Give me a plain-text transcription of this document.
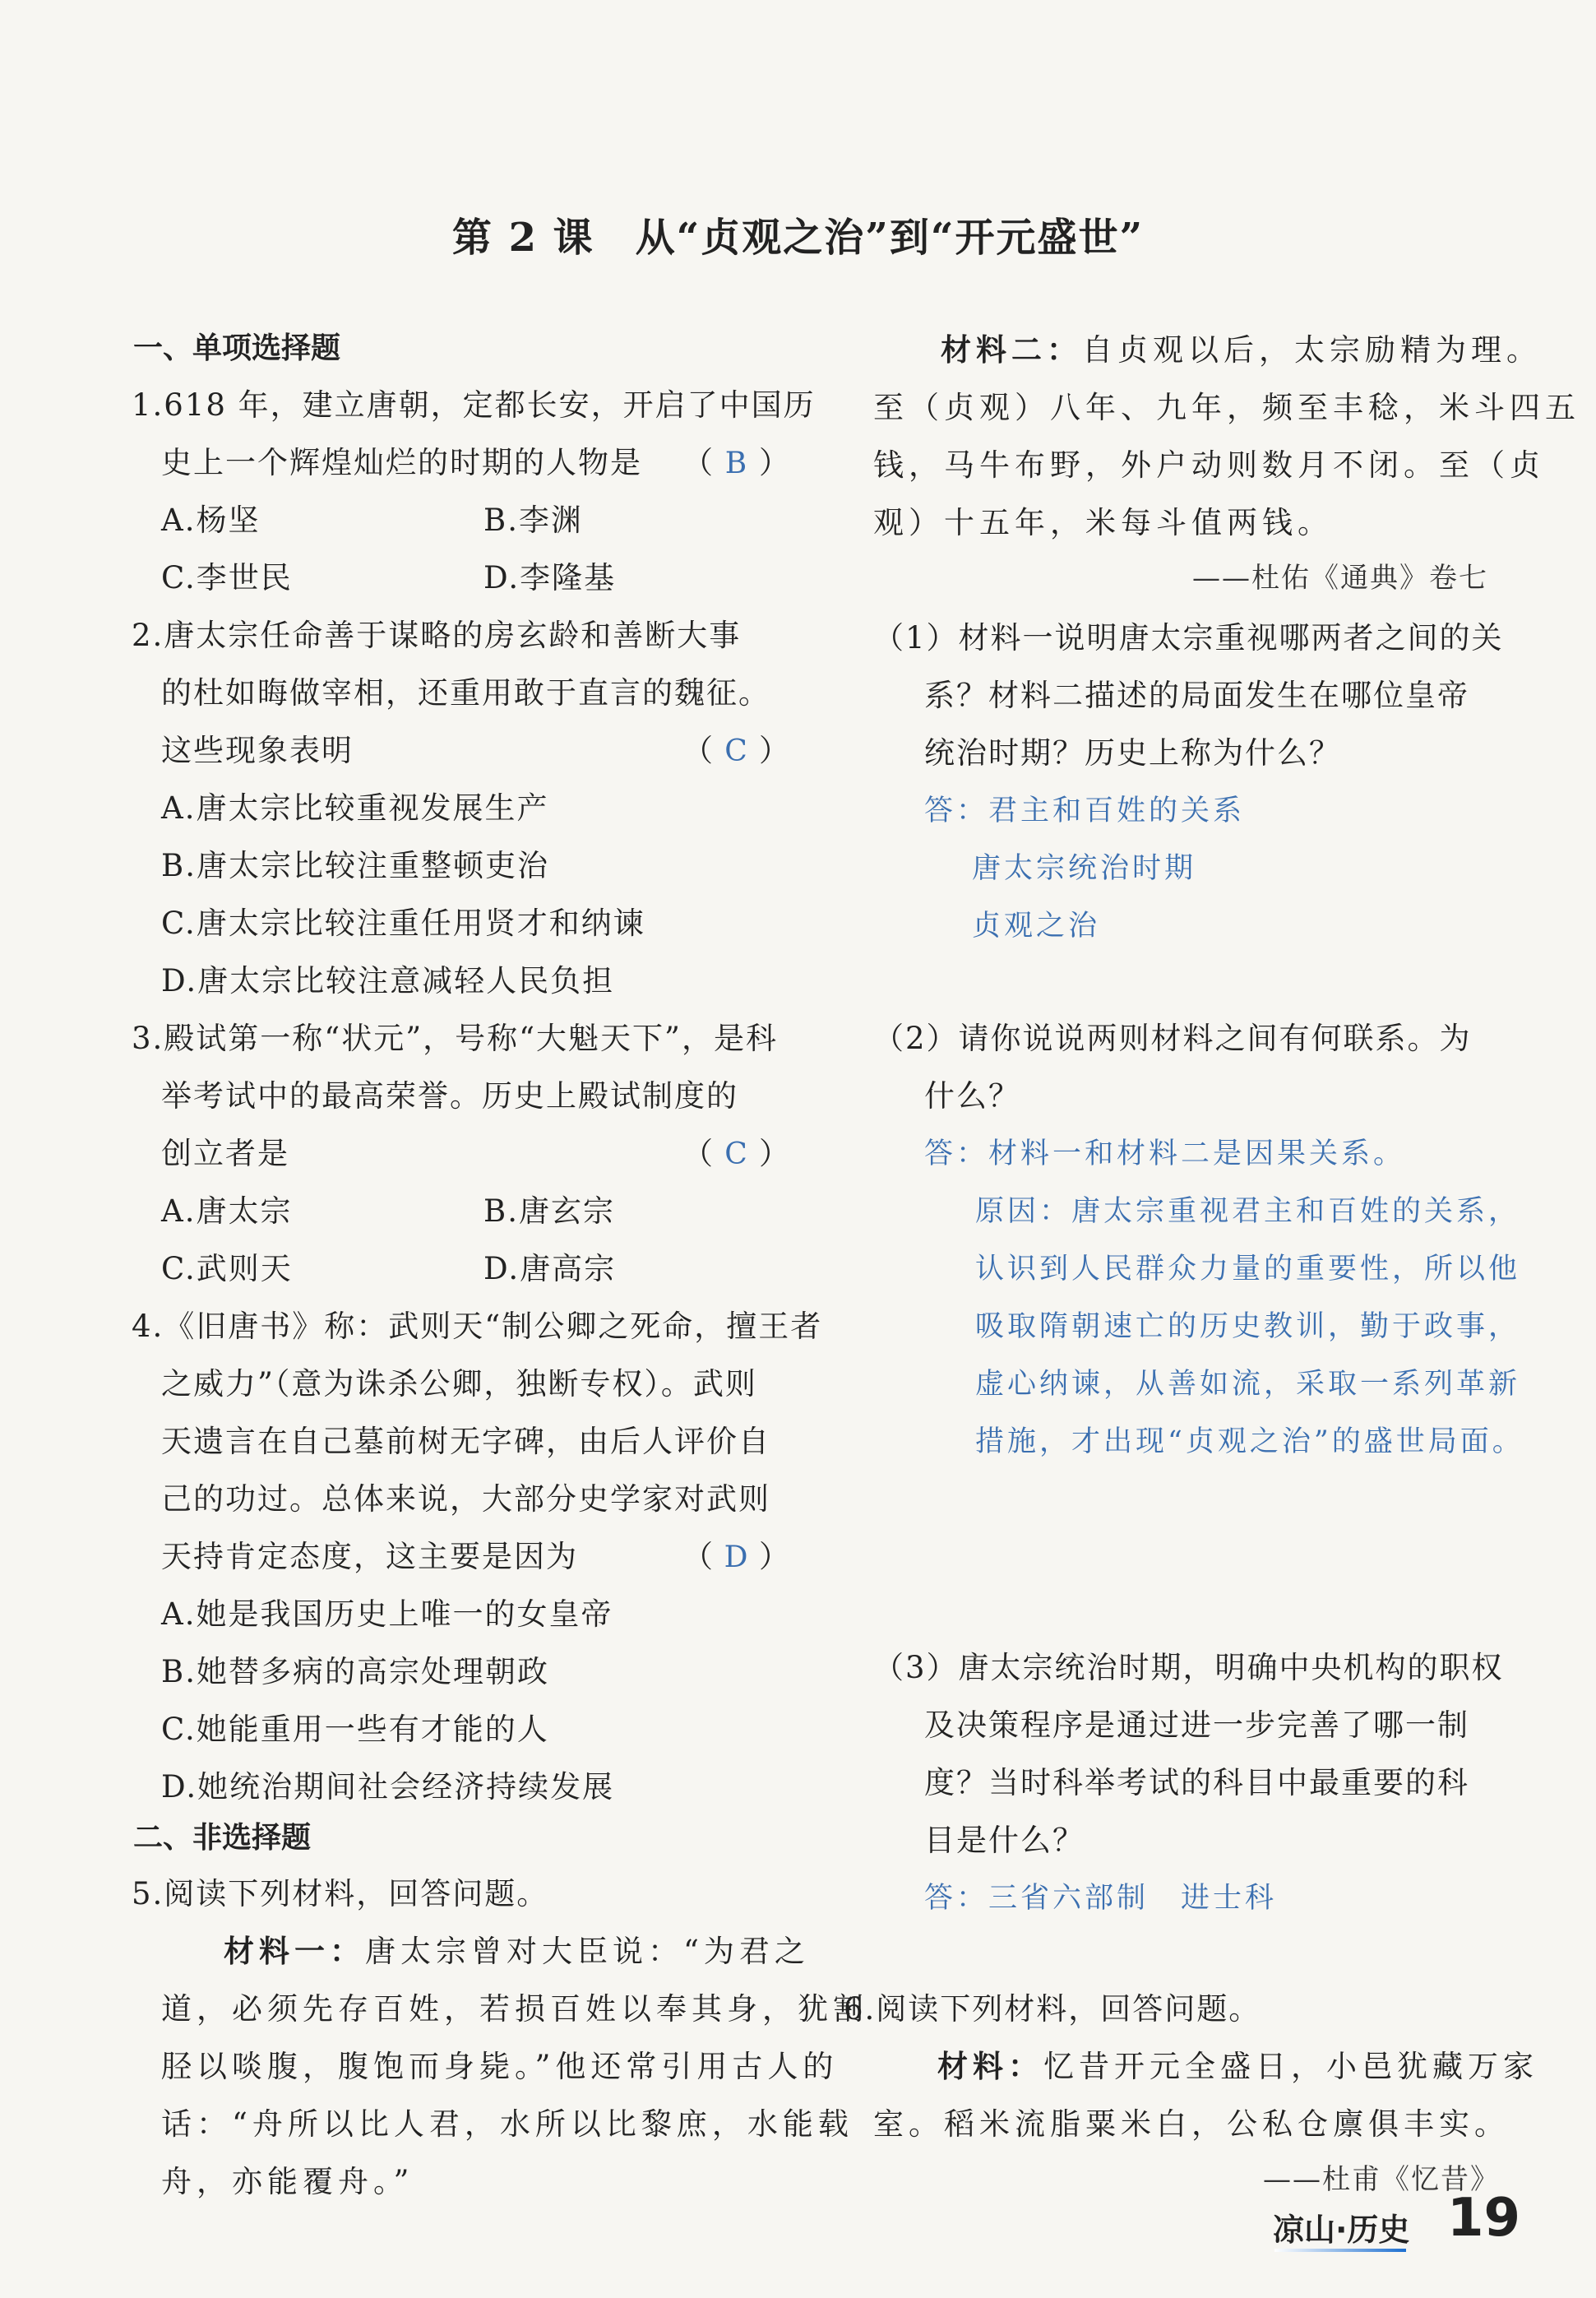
第 2 课　从“贞观之治”到“开元盛世”
一、单项选择题
1.618 年，建立唐朝，定都长安，开启了中国历
史上一个辉煌灿烂的时期的人物是 （ B ）
A.杨坚	B.李渊
C.李世民	D.李隆基
2.唐太宗任命善于谋略的房玄龄和善断大事
的杜如晦做宰相，还重用敢于直言的魏征。
这些现象表明	（ C ）
A.唐太宗比较重视发展生产
B.唐太宗比较注重整顿吏治
C.唐太宗比较注重任用贤才和纳谏
D.唐太宗比较注意减轻人民负担
3.殿试第一称“状元”，号称“大魁天下”，是科
举考试中的最高荣誉。历史上殿试制度的
创立者是	（ C ）
A.唐太宗	B.唐玄宗
C.武则天	D.唐高宗
4.《旧唐书》称：武则天“制公卿之死命，擅王者
之威力”（意为诛杀公卿，独断专权）。武则
天遗言在自己墓前树无字碑，由后人评价自
己的功过。总体来说，大部分史学家对武则
天持肯定态度，这主要是因为	（ D ）
A.她是我国历史上唯一的女皇帝
B.她替多病的高宗处理朝政
C.她能重用一些有才能的人
D.她统治期间社会经济持续发展
二、非选择题
5.阅读下列材料，回答问题。
材料一：唐太宗曾对大臣说：“为君之
道，必须先存百姓，若损百姓以奉其身，犹割
胫以啖腹，腹饱而身毙。”他还常引用古人的
话：“舟所以比人君，水所以比黎庶，水能载
舟，亦能覆舟。”
材料二：自贞观以后，太宗励精为理。
至（贞观）八年、九年，频至丰稔，米斗四五
钱，马牛布野，外户动则数月不闭。至（贞
观）十五年，米每斗值两钱。
——杜佑《通典》卷七
（1）材料一说明唐太宗重视哪两者之间的关
系？材料二描述的局面发生在哪位皇帝
统治时期？历史上称为什么？
答：君主和百姓的关系
唐太宗统治时期
贞观之治
（2）请你说说两则材料之间有何联系。为
什么？
答：材料一和材料二是因果关系。
原因：唐太宗重视君主和百姓的关系，
认识到人民群众力量的重要性，所以他
吸取隋朝速亡的历史教训，勤于政事，
虚心纳谏，从善如流，采取一系列革新
措施，才出现“贞观之治”的盛世局面。
（3）唐太宗统治时期，明确中央机构的职权
及决策程序是通过进一步完善了哪一制
度？当时科举考试的科目中最重要的科
目是什么？
答：三省六部制　进士科
6.阅读下列材料，回答问题。
材料：忆昔开元全盛日，小邑犹藏万家
室。稻米流脂粟米白，公私仓廪俱丰实。
——杜甫《忆昔》
凉山·历史 19
